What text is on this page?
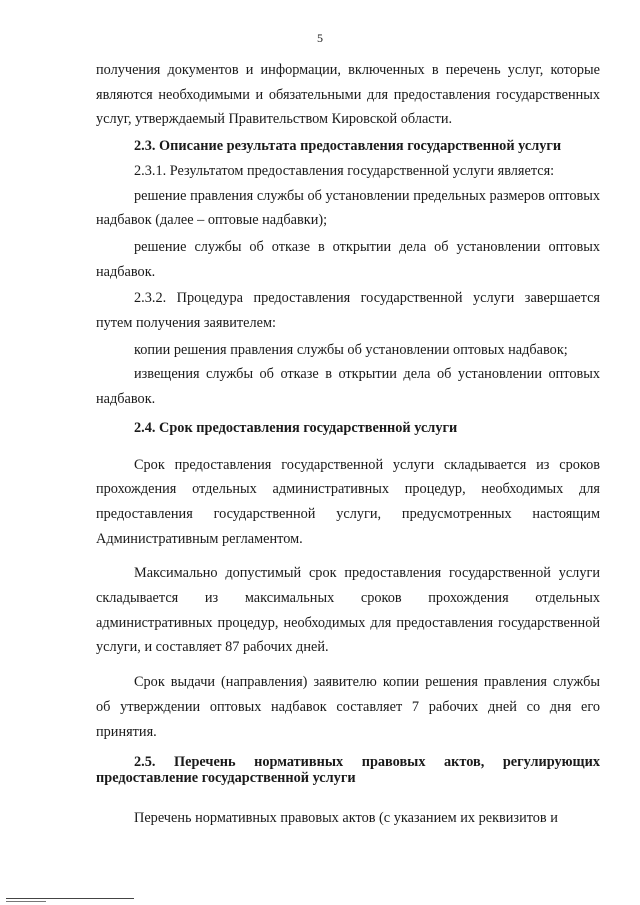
5

получения документов и информации, включенных в перечень услуг, которые являются необходимыми и обязательными для предоставления государственных услуг, утверждаемый Правительством Кировской области.

2.3. Описание результата предоставления государственной услуги

2.3.1. Результатом предоставления государственной услуги является:

решение правления службы об установлении предельных размеров оптовых надбавок (далее – оптовые надбавки);

решение службы об отказе в открытии дела об установлении оптовых надбавок.

2.3.2. Процедура предоставления государственной услуги завершается путем получения заявителем:

копии решения правления службы об установлении оптовых надбавок;

извещения службы об отказе в открытии дела об установлении оптовых надбавок.

2.4. Срок предоставления государственной услуги

Срок предоставления государственной услуги складывается из сроков прохождения отдельных административных процедур, необходимых для предоставления государственной услуги, предусмотренных настоящим Административным регламентом.

Максимально допустимый срок предоставления государственной услуги складывается из максимальных сроков прохождения отдельных административных процедур, необходимых для предоставления государственной услуги, и составляет 87 рабочих дней.

Срок выдачи (направления) заявителю копии решения правления службы об утверждении оптовых надбавок составляет 7 рабочих дней со дня его принятия.

2.5. Перечень нормативных правовых актов, регулирующих
предоставление государственной услуги

Перечень нормативных правовых актов (с указанием их реквизитов и
